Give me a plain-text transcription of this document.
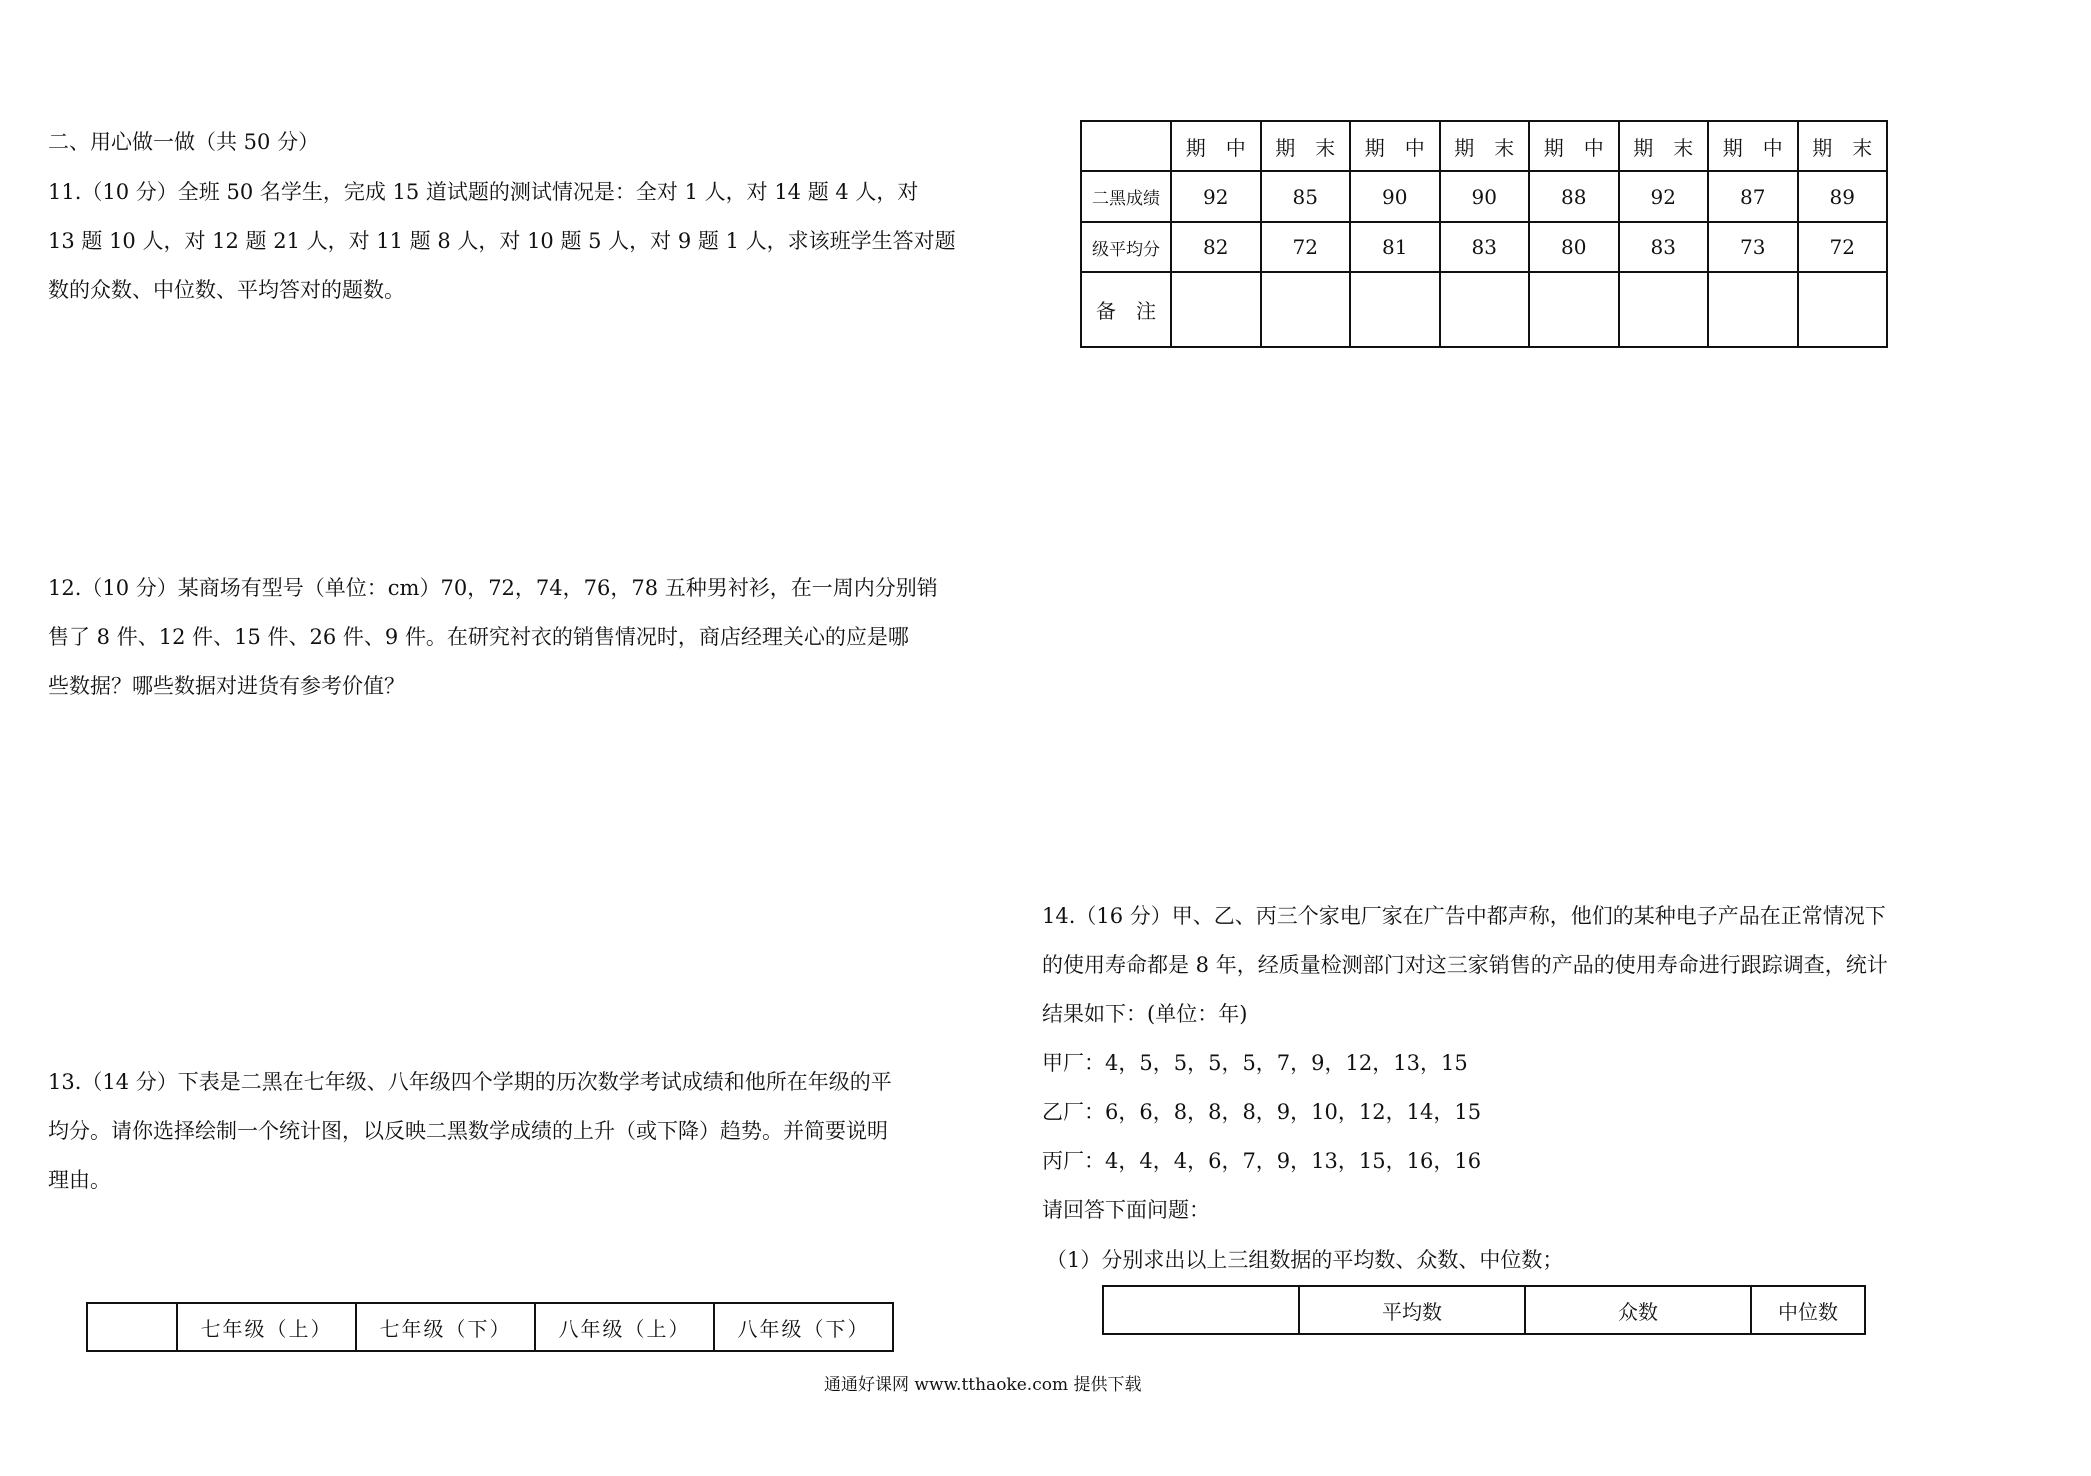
二、用心做一做（共 50 分）
11.（10 分）全班 50 名学生，完成 15 道试题的测试情况是：全对 1 人，对 14 题 4 人，对
13 题 10 人，对 12 题 21 人，对 11 题 8 人，对 10 题 5 人，对 9 题 1 人，求该班学生答对题
数的众数、中位数、平均答对的题数。
12.（10 分）某商场有型号（单位：cm）70，72，74，76，78 五种男衬衫，在一周内分别销
售了 8 件、12 件、15 件、26 件、9 件。在研究衬衣的销售情况时，商店经理关心的应是哪
些数据？哪些数据对进货有参考价值？
13.（14 分）下表是二黑在七年级、八年级四个学期的历次数学考试成绩和他所在年级的平
均分。请你选择绘制一个统计图，以反映二黑数学成绩的上升（或下降）趋势。并简要说明
理由。
	七年级（上）	七年级（下）	八年级（上）	八年级（下）
	期　中	期　末	期　中	期　末	期　中	期　末	期　中	期　末
二黑成绩	92	85	90	90	88	92	87	89
级平均分	82	72	81	83	80	83	73	72
备　注								
14.（16 分）甲、乙、丙三个家电厂家在广告中都声称，他们的某种电子产品在正常情况下
的使用寿命都是 8 年，经质量检测部门对这三家销售的产品的使用寿命进行跟踪调查，统计
结果如下：(单位：年)
甲厂：4，5，5，5，5，7，9，12，13，15
乙厂：6，6，8，8，8，9，10，12，14，15
丙厂：4，4，4，6，7，9，13，15，16，16
请回答下面问题：
（1）分别求出以上三组数据的平均数、众数、中位数；
	平均数	众数	中位数
通通好课网 www.tthaoke.com 提供下载
